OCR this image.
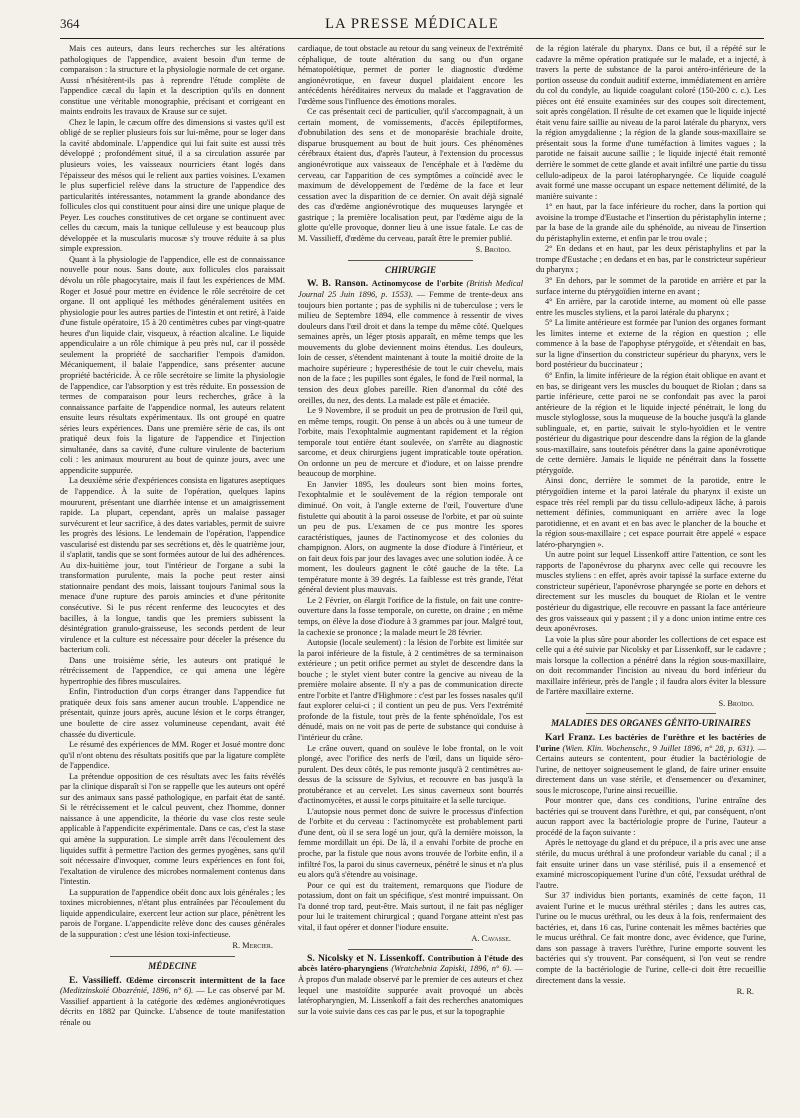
364	LA PRESSE MÉDICALE

Mais ces auteurs, dans leurs recherches sur les altérations pathologiques de l'appendice, avaient besoin d'un terme de comparaison : la structure et la physiologie normale de cet organe. Aussi n'hésitèrent-ils pas à reprendre l'étude complète de l'appendice cæcal du lapin et la description qu'ils en donnent constitue une véritable monographie, précisant et corrigeant en maints endroits les travaux de Krause sur ce sujet.

Chez le lapin, le cæcum offre des dimensions si vastes qu'il est obligé de se replier plusieurs fois sur lui-même, pour se loger dans la cavité abdominale. L'appendice qui lui fait suite est aussi très développé ; profondément situé, il a sa circulation assurée par plusieurs voies, les vaisseaux nourriciers étant logés dans l'épaisseur des mésos qui le relient aux parties voisines. L'examen le plus superficiel relève dans la structure de l'appendice des particularités intéressantes, notamment la grande abondance des follicules clos qui constituent pour ainsi dire une unique plaque de Peyer. Les couches constitutives de cet organe se continuent avec celles du cæcum, mais la tunique celluleuse y est beaucoup plus développée et la muscularis mucosæ s'y trouve réduite à sa plus simple expression.

Quant à la physiologie de l'appendice, elle est de connaissance nouvelle pour nous. Sans doute, aux follicules clos paraissait dévolu un rôle phagocytaire, mais il faut les expériences de MM. Roger et Josué pour mettre en évidence le rôle secrétoire de cet organe. Il ont appliqué les méthodes généralement usitées en physiologie pour les autres parties de l'intestin et ont retiré, à l'aide d'une fistule opératoire, 15 à 20 centimètres cubes par vingt-quatre heures d'un liquide clair, visqueux, à réaction alcaline. Le liquide appendiculaire a un rôle chimique à peu près nul, car il possède seulement la propriété de saccharifier l'empois d'amidon. Mécaniquement, il balaie l'appendice, sans présenter aucune propriété bactéricide. À ce rôle secrétoire se limite la physiologie de l'appendice, car l'absorption y est très réduite. En possession de termes de comparaison pour leurs recherches, grâce à la connaissance parfaite de l'appendice normal, les auteurs relatent ensuite leurs résultats expérimentaux. Ils ont groupé en quatre séries leurs expériences. Dans une première série de cas, ils ont pratiqué deux fois la ligature de l'appendice et l'injection simultanée, dans sa cavité, d'une culture virulente de bacterium coli : les animaux moururent au bout de quinze jours, avec une appendicite suppurée.

La deuxième série d'expériences consista en ligatures aseptiques de l'appendice. À la suite de l'opération, quelques lapins moururent, présentant une diarrhée intense et un amaigrissement rapide. La plupart, cependant, après un malaise passager survécurent et leur sacrifice, à des dates variables, permit de suivre les progrès des lésions. Le lendemain de l'opération, l'appendice vascularisé est distendu par ses secrétions et, dès le quatrième jour, il s'aplatit, tandis que se sont formées autour de lui des adhérences. Au dix-huitième jour, tout l'intérieur de l'organe a subi la transformation purulente, mais la poche peut rester ainsi stationnaire pendant des mois, laissant toujours l'animal sous la menace d'une rupture des parois amincies et d'une péritonite consécutive. Si le pus récent renferme des leucocytes et des bacilles, à la longue, tandis que les premiers subissent la désintégration granulo-graisseuse, les seconds perdent de leur virulence et la culture est nécessaire pour déceler la présence du bacterium coli.

Dans une troisième série, les auteurs ont pratiqué le rétrécissement de l'appendice, ce qui amena une légère hypertrophie des fibres musculaires.

Enfin, l'introduction d'un corps étranger dans l'appendice fut pratiquée deux fois sans amener aucun trouble. L'appendice ne présentait, quinze jours après, aucune lésion et le corps étranger, une boulette de cire assez volumineuse cependant, avait été chassée du diverticule.

Le résumé des expériences de MM. Roger et Josué montre donc qu'il n'ont obtenu des résultats positifs que par la ligature complète de l'appendice.

La prétendue opposition de ces résultats avec les faits révélés par la clinique disparaît si l'on se rappelle que les auteurs ont opéré sur des animaux sans passé pathologique, en parfait état de santé. Si le rétrécissement et le calcul peuvent, chez l'homme, donner naissance à une appendicite, la théorie du vase clos reste seule applicable à l'appendicite expérimentale. Dans ce cas, c'est la stase qui amène la suppuration. Le simple arrêt dans l'écoulement des liquides suffit à permettre l'action des germes pyogènes, sans qu'il soit nécessaire d'invoquer, comme leurs expériences en font foi, l'exaltation de virulence des microbes normalement contenus dans l'intestin.

La suppuration de l'appendice obéit donc aux lois générales ; les toxines microbiennes, n'étant plus entraînées par l'écoulement du liquide appendiculaire, exercent leur action sur place, pénètrent les parois de l'organe. L'appendicite relève donc des causes générales de la suppuration : c'est une lésion toxi-infectieuse.

R. Mercier.
MÉDECINE

E. Vassilieff. Œdème circonscrit intermittent de la face (Meditzinskoïé Obozrénié, 1896, n° 6). — Le cas observé par M. Vassilief appartient à la catégorie des œdèmes angionévrotiques décrits en 1882 par Quincke. L'absence de toute manifestation rénale ou

cardiaque, de tout obstacle au retour du sang veineux de l'extrémité céphalique, de toute altération du sang ou d'un organe hématopoïétique, permet de porter le diagnostic d'œdème angionévrotique, en faveur duquel plaidaient encore les antécédents héréditaires nerveux du malade et l'aggravation de l'œdème sous l'influence des émotions morales.

Ce cas présentait ceci de particulier, qu'il s'accompagnait, à un certain moment, de vomissements, d'accès épileptiformes, d'obnubilation des sens et de monoparésie brachiale droite, disparue brusquement au bout de huit jours. Ces phénomènes cérébraux étaient dus, d'après l'auteur, à l'extension du processus angionévrotique aux vaisseaux de l'encéphale et à l'œdème du cerveau, car l'apparition de ces symptômes a coïncidé avec le maximum de développement de l'œdème de la face et leur cessation avec la disparition de ce dernier. On avait déjà signalé des cas d'œdème angionévrotique des muqueuses laryngée et gastrique ; la première localisation peut, par l'œdème aigu de la glotte qu'elle provoque, donner lieu à une issue fatale. Le cas de M. Vassilieff, d'œdème du cerveau, paraît être le premier publié.

S. Broïdo.
CHIRURGIE

W. B. Ranson. Actinomycose de l'orbite (British Medical Journal 25 Juin 1896, p. 1553). — Femme de trente-deux ans toujours bien portante ; pas de syphilis ni de tuberculose ; vers le milieu de Septembre 1894, elle commence à ressentir de vives douleurs dans l'œil droit et dans la tempe du même côté. Quelques semaines après, un léger ptosis apparaît, en même temps que les mouvements du globe deviennent moins étendus. Les douleurs, loin de cesser, s'étendent maintenant à toute la moitié droite de la machoire supérieure ; hyperesthésie de tout le cuir chevelu, mais non de la face ; les pupilles sont égales, le fond de l'œil normal, la tension des deux globes pareille. Rien d'anormal du côté des oreilles, du nez, des dents. La malade est pâle et émaciée.

Le 9 Novembre, il se produit un peu de protrusion de l'œil qui, en même temps, rougit. On pense à un abcès ou à une tumeur de l'orbite, mais l'exophtalmie augmentant rapidement et la région temporale tout entière étant soulevée, on s'arrête au diagnostic sarcome, et deux chirurgiens jugent impraticable toute opération. On ordonne un peu de mercure et d'iodure, et on laisse prendre beaucoup de morphine.

En Janvier 1895, les douleurs sont bien moins fortes, l'exophtalmie et le soulèvement de la région temporale ont diminué. On voit, à l'angle externe de l'œil, l'ouverture d'une fistulette qui aboutit à la paroi osseuse de l'orbite, et par où suinte un peu de pus. L'examen de ce pus montre les spores caractéristiques, jaunes de l'actinomycose et des colonies du champignon. Alors, on augmente la dose d'iodure à l'intérieur, et on fait deux fois par jour des lavages avec une solution iodée. À ce moment, les douleurs gagnent le côté gauche de la tête. La température monte à 39 degrés. La faiblesse est très grande, l'état général devient plus mauvais.

Le 2 Février, on élargit l'orifice de la fistule, on fait une contre-ouverture dans la fosse temporale, on curette, on draine ; en même temps, on élève la dose d'iodure à 3 grammes par jour. Malgré tout, la cachexie se prononce ; la malade meurt le 28 février.

Autopsie (locale seulement) : la lésion de l'orbite est limitée sur la paroi inférieure de la fistule, à 2 centimètres de sa terminaison extérieure ; un petit orifice permet au stylet de descendre dans la bouche ; le stylet vient buter contre la gencive au niveau de la première molaire absente. Il n'y a pas de communication directe entre l'orbite et l'antre d'Highmore : c'est par les fosses nasales qu'il faut explorer celui-ci ; il contient un peu de pus. Vers l'extrémité profonde de la fistule, tout près de la fente sphénoïdale, l'os est dénudé, mais on ne voit pas de perte de substance qui conduise à l'intérieur du crâne.

Le crâne ouvert, quand on soulève le lobe frontal, on le voit plongé, avec l'orifice des nerfs de l'œil, dans un liquide séro-purulent. Des deux côtés, le pus remonte jusqu'à 2 centimètres au-dessus de la scissure de Sylvius, et recouvre en bas jusqu'à la protubérance et au cervelet. Les sinus caverneux sont bourrés d'actinomycètes, et aussi le corps pituitaire et la selle turcique.

L'autopsie nous permet donc de suivre le processus d'infection de l'orbite et du cerveau : l'actinomycète est probablement parti d'une dent, où il se sera logé un jour, qu'à la dernière moisson, la femme mordillait un épi. De là, il a envahi l'orbite de proche en proche, par la fistule que nous avons trouvée de l'orbite enfin, il a infiltré l'os, la paroi du sinus caverneux, pénétré le sinus et n'a plus eu alors qu'à s'étendre au voisinage.

Pour ce qui est du traitement, remarquons que l'iodure de potassium, dont on fait un spécifique, s'est montré impuissant. On l'a donné trop tard, peut-être. Mais surtout, il ne fait pas négliger pour lui le traitement chirurgical ; quand l'organe atteint n'est pas vital, il faut opérer et donner l'iodure ensuite.

A. Cavasse.

S. Nicolsky et N. Lissenkoff. Contribution à l'étude des abcès latéro-pharyngiens (Wratchebnia Zapiski, 1896, n° 6). — À propos d'un malade observé par le premier de ces auteurs et chez lequel une mastoïdite suppurée avait provoqué un abcès latéropharyngien, M. Lissenkoff a fait des recherches anatomiques sur la voie suivie dans ces cas par le pus, et sur la topographie

de la région latérale du pharynx. Dans ce but, il a répété sur le cadavre la même opération pratiquée sur le malade, et a injecté, à travers la perte de substance de la paroi antéro-inférieure de la portion osseuse du conduit auditif externe, immédiatement en arrière du col du condyle, au liquide coagulant coloré (150-200 c. c.). Les pièces ont été ensuite examinées sur des coupes soit directement, soit après congélation. Il résulte de cet examen que le liquide injecté était venu faire saillie au niveau de la paroi latérale du pharynx, vers la région amygdalienne ; la région de la glande sous-maxillaire se présentait sous la forme d'une tuméfaction à limites vagues ; la parotide ne faisait aucune saillie ; le liquide injecté était remonté derrière le sommet de cette glande et avait infiltré une partie du tissu cellulo-adipeux de la paroi latéropharyngée. Ce liquide coagulé avait formé une masse occupant un espace nettement délimité, de la manière suivante :

1° en haut, par la face inférieure du rocher, dans la portion qui avoisine la trompe d'Eustache et l'insertion du péristaphylin interne ; par la base de la grande aile du sphénoïde, au niveau de l'insertion du péristaphylin externe, et enfin par le trou ovale ;

2° En dedans et en haut, par les deux péristaphylins et par la trompe d'Eustache ; en dedans et en bas, par le constricteur supérieur du pharynx ;

3° En dehors, par le sommet de la parotide en arrière et par la surface interne du ptérygoïdien interne en avant ;

4° En arrière, par la carotide interne, au moment où elle passe entre les muscles styliens, et la paroi latérale du pharynx ;

5° La limite antérieure est formée par l'union des organes formant les limites interne et externe de la région en question ; elle commence à la base de l'apophyse ptérygoïde, et s'étendait en bas, sur la ligne d'insertion du constricteur supérieur du pharynx, vers le bord postérieur du buccinateur ;

6° Enfin, la limite inférieure de la région était oblique en avant et en bas, se dirigeant vers les muscles du bouquet de Riolan ; dans sa partie inférieure, cette paroi ne se confondait pas avec la paroi antérieure de la région et le liquide injecté pénétrait, le long du muscle styloglosse, sous la muqueuse de la bouche jusqu'à la glande sublinguale, et, en partie, suivait le stylo-hyoïdien et le ventre postérieur du digastrique pour descendre dans la région de la glande sous-maxillaire, sans toutefois pénétrer dans la gaine aponévrotique de cette dernière. Jamais le liquide ne pénétrait dans la fossette ptérygoïde.

Ainsi donc, derrière le sommet de la parotide, entre le ptérygoïdien interne et la paroi latérale du pharynx il existe un espace très réel rempli par du tissu cellulo-adipeux lâche, à parois nettement définies, communiquant en arrière avec la loge parotidienne, et en avant et en bas avec le plancher de la bouche et la région sous-maxillaire ; cet espace pourrait être appelé « espace latéro-pharyngien ».

Un autre point sur lequel Lissenkoff attire l'attention, ce sont les rapports de l'aponévrose du pharynx avec celle qui recouvre les muscles styliens : en effet, après avoir tapissé la surface externe du constricteur supérieur, l'aponévrose pharyngée se porte en dehors et directement sur les muscles du bouquet de Riolan et le ventre postérieur du digastrique, elle recouvre en passant la face antérieure des gros vaisseaux qui y passent ; il y a donc union intime entre ces deux aponévroses.

La voie la plus sûre pour aborder les collections de cet espace est celle qui a été suivie par Nicolsky et par Lissenkoff, sur le cadavre ; mais lorsque la collection a pénétré dans la région sous-maxillaire, on doit recommander l'incision au niveau du bord inférieur du maxillaire inférieur, près de l'angle ; il faudra alors éviter la blessure de l'artère maxillaire externe.

S. Broïdo.
MALADIES DES ORGANES GÉNITO-URINAIRES

Karl Franz. Les bactéries de l'urèthre et les bactéries de l'urine (Wien. Klin. Wochenschr., 9 Juillet 1896, n° 28, p. 631). — Certains auteurs se contentent, pour étudier la bactériologie de l'urine, de nettoyer soigneusement le gland, de faire uriner ensuite directement dans un vase stérile, et d'ensemencer ou d'examiner, sous le microscope, l'urine ainsi recueillie.

Pour montrer que, dans ces conditions, l'urine entraîne des bactéries qui se trouvent dans l'urèthre, et qui, par conséquent, n'ont aucun rapport avec la bactériologie propre de l'urine, l'auteur a procédé de la façon suivante :

Après le nettoyage du gland et du prépuce, il a pris avec une anse stérile, du mucus uréthral à une profondeur variable du canal ; il a fait ensuite uriner dans un vase stérilisé, puis il a ensemencé et examiné microscopiquement l'urine d'un côté, l'exsudat uréthral de l'autre.

Sur 37 individus bien portants, examinés de cette façon, 11 avaient l'urine et le mucus uréthral stériles ; dans les autres cas, l'urine ou le mucus uréthral, ou les deux à la fois, renfermaient des bactéries, et, dans 16 cas, l'urine contenait les mêmes bactéries que le mucus uréthral. Ce fait montre donc, avec évidence, que l'urine, dans son passage à travers l'urèthre, l'urine emporte souvent les bactéries qui s'y trouvent. Par conséquent, si l'on veut se rendre compte de la bactériologie de l'urine, celle-ci doit être recueillie directement dans la vessie.

R. R.
